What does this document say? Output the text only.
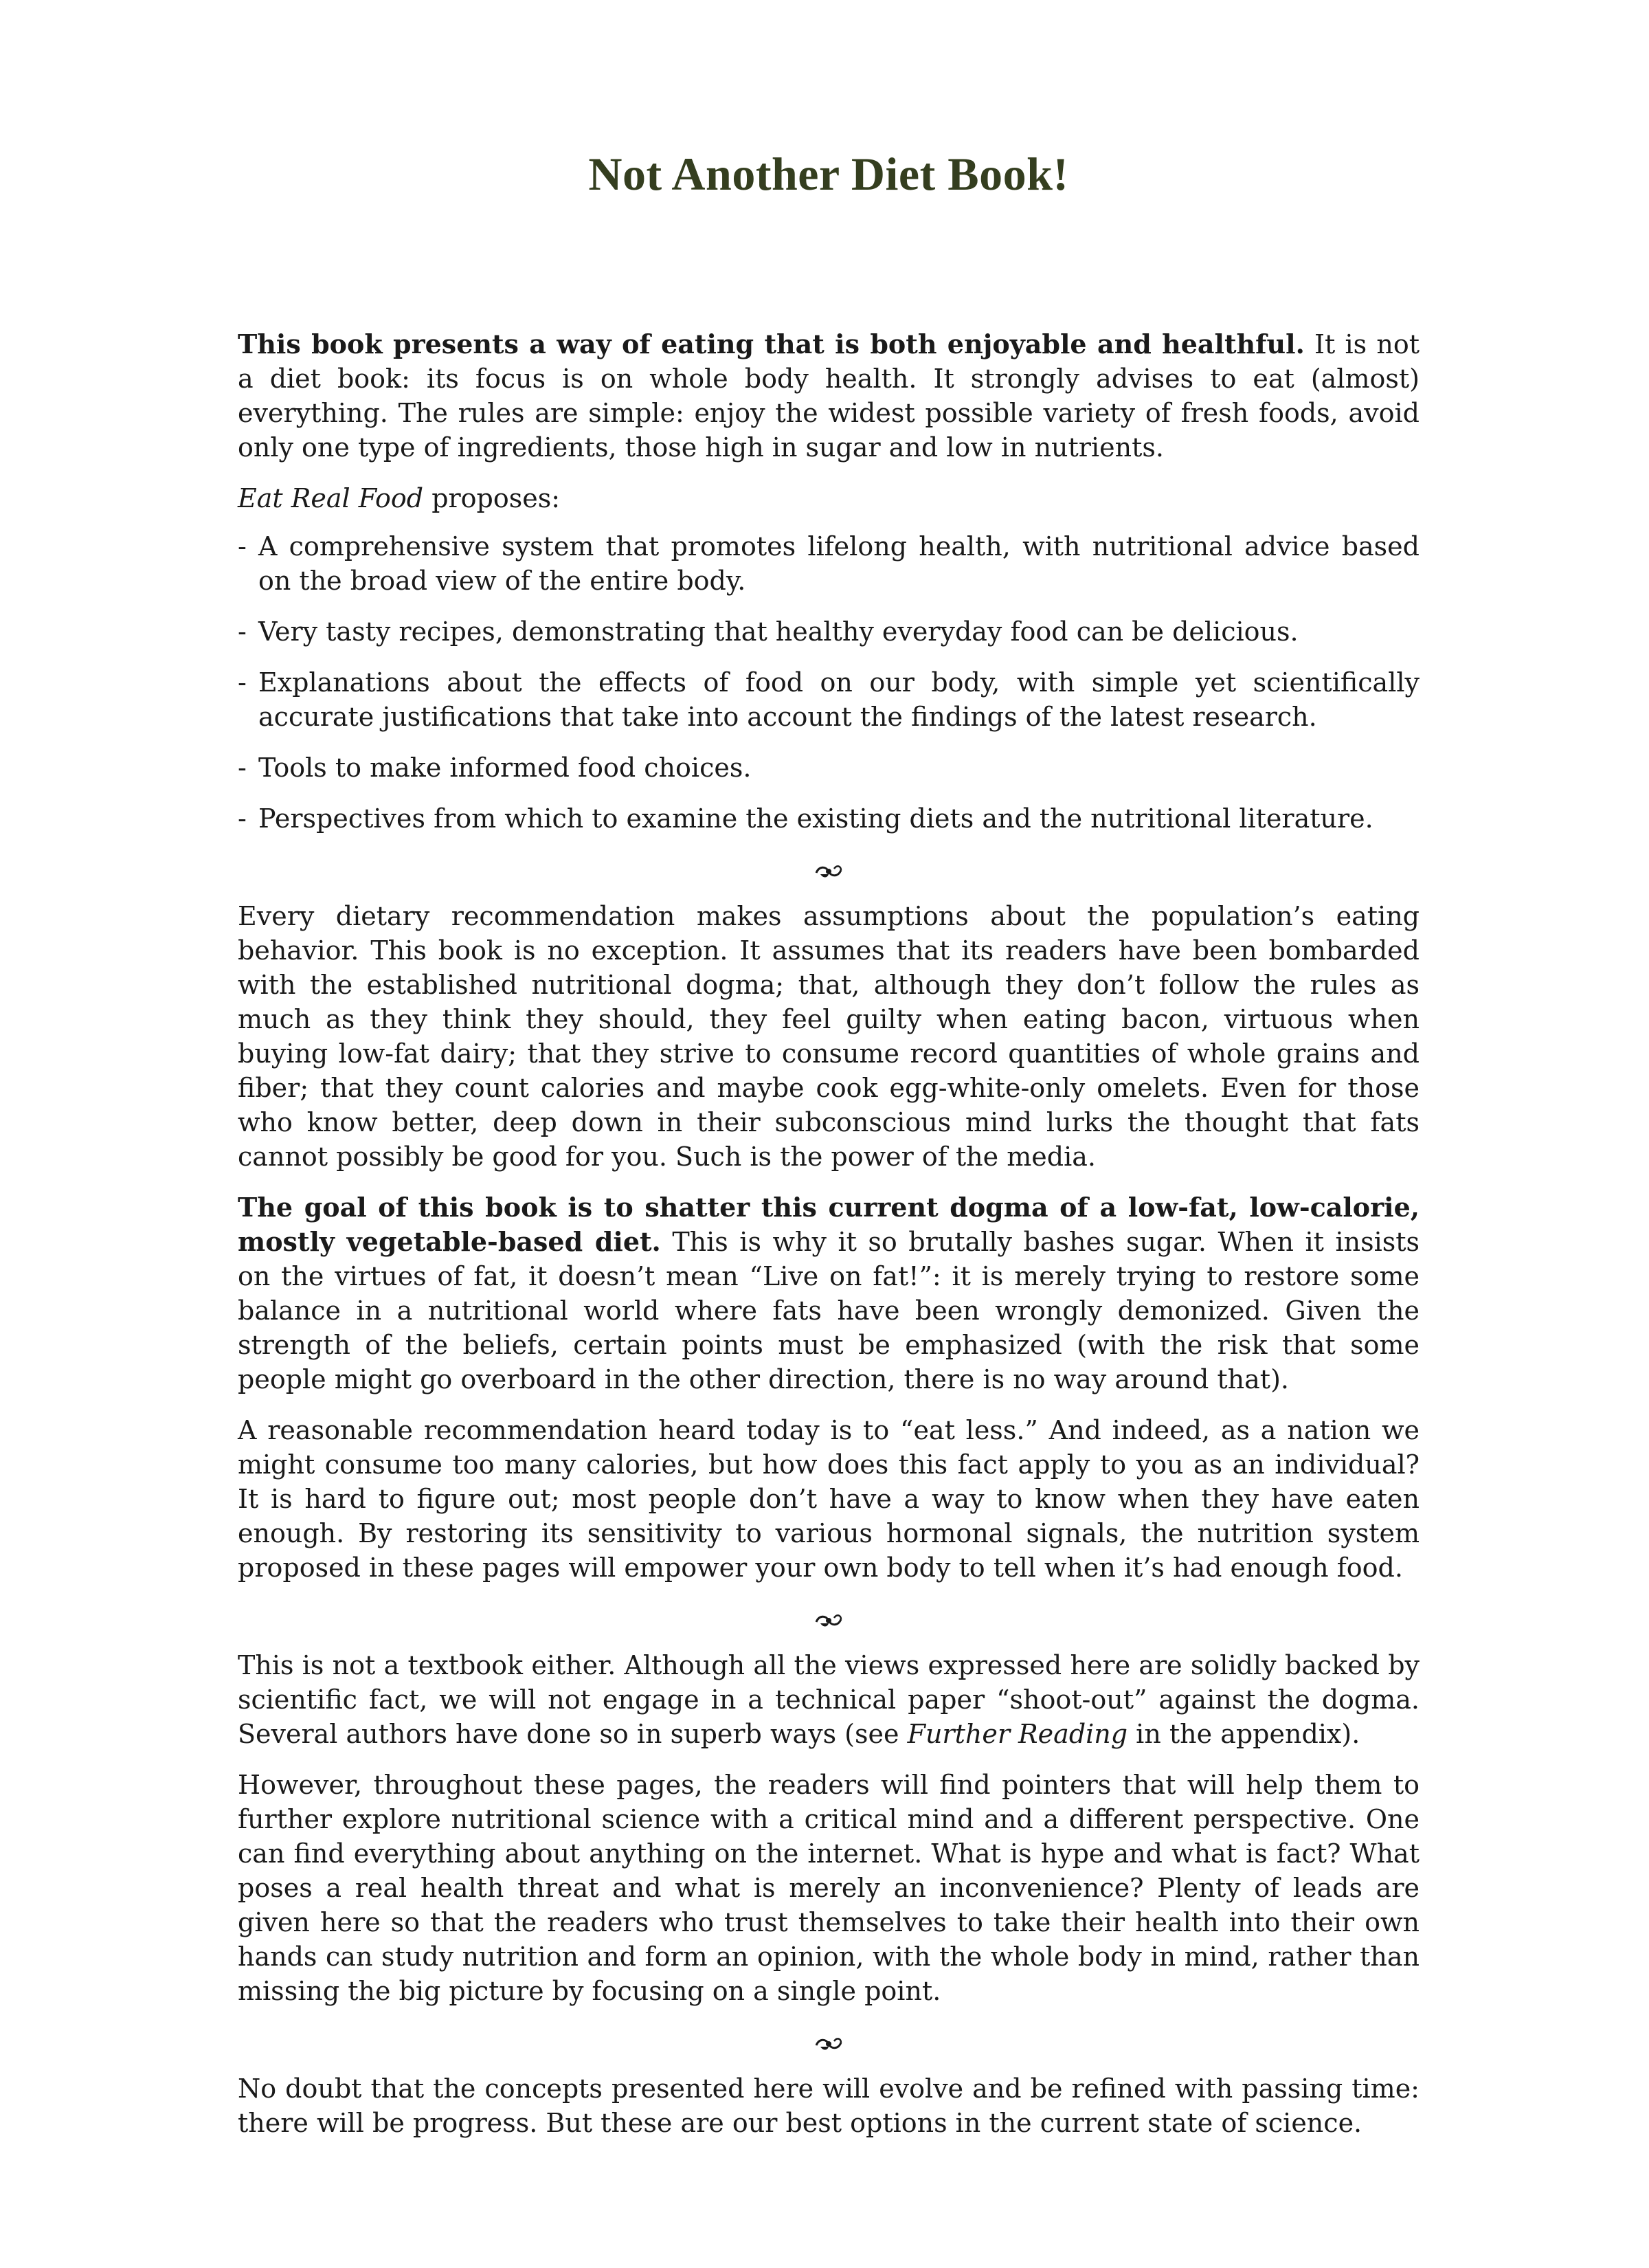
Not Another Diet Book!

This book presents a way of eating that is both enjoyable and healthful. It is not a diet book: its focus is on whole body health. It strongly advises to eat (almost) everything. The rules are simple: enjoy the widest possible variety of fresh foods, avoid only one type of ingredients, those high in sugar and low in nutrients.

Eat Real Food proposes:

- A comprehensive system that promotes lifelong health, with nutritional advice based on the broad view of the entire body.
- Very tasty recipes, demonstrating that healthy everyday food can be delicious.
- Explanations about the effects of food on our body, with simple yet scientifically accurate justifications that take into account the findings of the latest research.
- Tools to make informed food choices.
- Perspectives from which to examine the existing diets and the nutritional literature.

Every dietary recommendation makes assumptions about the population’s eating behavior. This book is no exception. It assumes that its readers have been bombarded with the established nutritional dogma; that, although they don’t follow the rules as much as they think they should, they feel guilty when eating bacon, virtuous when buying low-fat dairy; that they strive to consume record quantities of whole grains and fiber; that they count calories and maybe cook egg-white-only omelets. Even for those who know better, deep down in their subconscious mind lurks the thought that fats cannot possibly be good for you. Such is the power of the media.

The goal of this book is to shatter this current dogma of a low-fat, low-calorie, mostly vegetable-based diet. This is why it so brutally bashes sugar. When it insists on the virtues of fat, it doesn’t mean “Live on fat!”: it is merely trying to restore some balance in a nutritional world where fats have been wrongly demonized. Given the strength of the beliefs, certain points must be emphasized (with the risk that some people might go overboard in the other direction, there is no way around that).

A reasonable recommendation heard today is to “eat less.” And indeed, as a nation we might consume too many calories, but how does this fact apply to you as an individual? It is hard to figure out; most people don’t have a way to know when they have eaten enough. By restoring its sensitivity to various hormonal signals, the nutrition system proposed in these pages will empower your own body to tell when it’s had enough food.

This is not a textbook either. Although all the views expressed here are solidly backed by scientific fact, we will not engage in a technical paper “shoot-out” against the dogma. Several authors have done so in superb ways (see Further Reading in the appendix).

However, throughout these pages, the readers will find pointers that will help them to further explore nutritional science with a critical mind and a different perspective. One can find everything about anything on the internet. What is hype and what is fact? What poses a real health threat and what is merely an inconvenience? Plenty of leads are given here so that the readers who trust themselves to take their health into their own hands can study nutrition and form an opinion, with the whole body in mind, rather than missing the big picture by focusing on a single point.

No doubt that the concepts presented here will evolve and be refined with passing time: there will be progress. But these are our best options in the current state of science.
